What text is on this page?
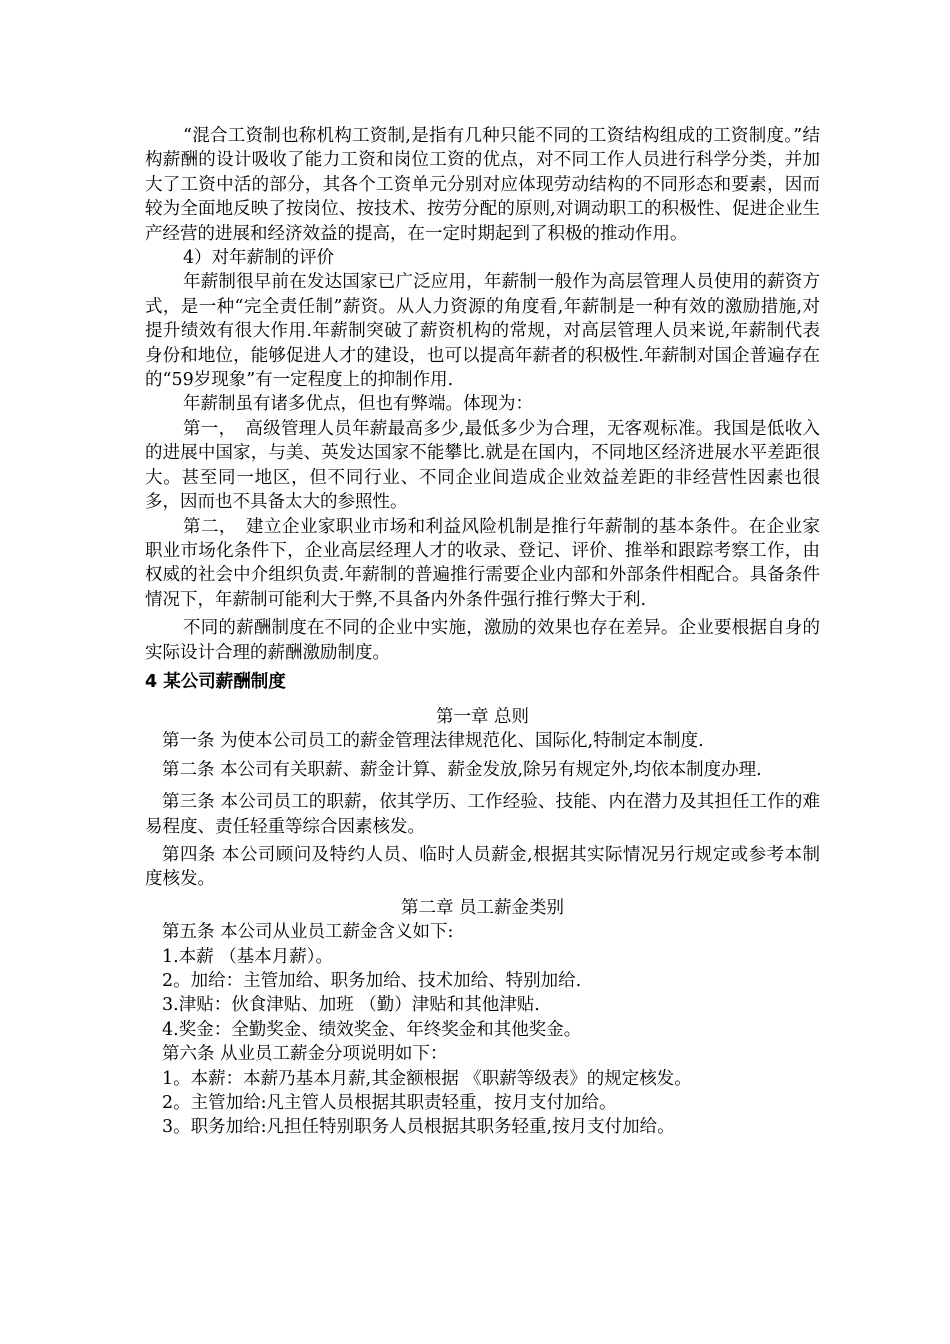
“混合工资制也称机构工资制,是指有几种只能不同的工资结构组成的工资制度。”结构薪酬的设计吸收了能力工资和岗位工资的优点，对不同工作人员进行科学分类，并加大了工资中活的部分，其各个工资单元分别对应体现劳动结构的不同形态和要素，因而较为全面地反映了按岗位、按技术、按劳分配的原则,对调动职工的积极性、促进企业生产经营的进展和经济效益的提高，在一定时期起到了积极的推动作用。

4）对年薪制的评价

年薪制很早前在发达国家已广泛应用，年薪制一般作为高层管理人员使用的薪资方式，是一种“完全责任制”薪资。从人力资源的角度看,年薪制是一种有效的激励措施,对提升绩效有很大作用.年薪制突破了薪资机构的常规，对高层管理人员来说,年薪制代表身份和地位，能够促进人才的建设，也可以提高年薪者的积极性.年薪制对国企普遍存在的“59岁现象”有一定程度上的抑制作用.

年薪制虽有诸多优点，但也有弊端。体现为：

第一，　高级管理人员年薪最高多少,最低多少为合理，无客观标准。我国是低收入的进展中国家，与美、英发达国家不能攀比.就是在国内，不同地区经济进展水平差距很大。甚至同一地区，但不同行业、不同企业间造成企业效益差距的非经营性因素也很多，因而也不具备太大的参照性。

第二，　建立企业家职业市场和利益风险机制是推行年薪制的基本条件。在企业家职业市场化条件下，企业高层经理人才的收录、登记、评价、推举和跟踪考察工作，由权威的社会中介组织负责.年薪制的普遍推行需要企业内部和外部条件相配合。具备条件情况下，年薪制可能利大于弊,不具备内外条件强行推行弊大于利.

不同的薪酬制度在不同的企业中实施，激励的效果也存在差异。企业要根据自身的实际设计合理的薪酬激励制度。

4 某公司薪酬制度

第一章 总则

第一条 为使本公司员工的薪金管理法律规范化、国际化,特制定本制度.

第二条 本公司有关职薪、薪金计算、薪金发放,除另有规定外,均依本制度办理.

第三条 本公司员工的职薪，依其学历、工作经验、技能、内在潜力及其担任工作的难易程度、责任轻重等综合因素核发。

第四条 本公司顾问及特约人员、临时人员薪金,根据其实际情况另行规定或参考本制度核发。

第二章 员工薪金类别

第五条 本公司从业员工薪金含义如下:

1.本薪 （基本月薪）。

2。加给：主管加给、职务加给、技术加给、特别加给.

3.津贴：伙食津贴、加班 （勤）津贴和其他津贴.

4.奖金：全勤奖金、绩效奖金、年终奖金和其他奖金。

第六条 从业员工薪金分项说明如下：

1。本薪：本薪乃基本月薪,其金额根据 《职薪等级表》的规定核发。

2。主管加给:凡主管人员根据其职责轻重，按月支付加给。

3。职务加给:凡担任特别职务人员根据其职务轻重,按月支付加给。
